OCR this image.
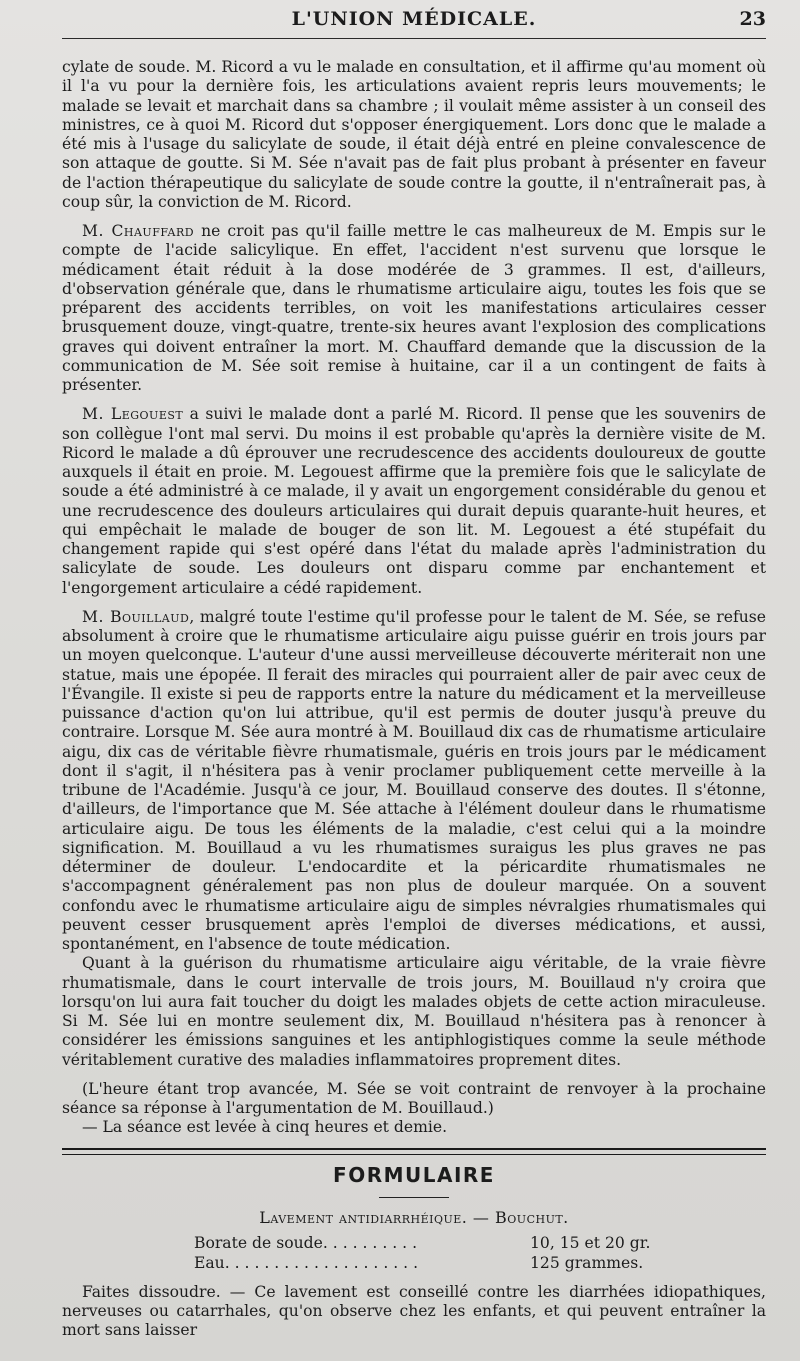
L'UNION MÉDICALE.	23

cylate de soude. M. Ricord a vu le malade en consultation, et il affirme qu'au moment où il l'a vu pour la dernière fois, les articulations avaient repris leurs mouvements; le malade se levait et marchait dans sa chambre ; il voulait même assister à un conseil des ministres, ce à quoi M. Ricord dut s'opposer énergiquement. Lors donc que le malade a été mis à l'usage du salicylate de soude, il était déjà entré en pleine convalescence de son attaque de goutte. Si M. Sée n'avait pas de fait plus probant à présenter en faveur de l'action thérapeutique du salicylate de soude contre la goutte, il n'entraînerait pas, à coup sûr, la conviction de M. Ricord.

M. Chauffard ne croit pas qu'il faille mettre le cas malheureux de M. Empis sur le compte de l'acide salicylique. En effet, l'accident n'est survenu que lorsque le médicament était réduit à la dose modérée de 3 grammes. Il est, d'ailleurs, d'observation générale que, dans le rhumatisme articulaire aigu, toutes les fois que se préparent des accidents terribles, on voit les manifestations articulaires cesser brusquement douze, vingt-quatre, trente-six heures avant l'explosion des complications graves qui doivent entraîner la mort. M. Chauffard demande que la discussion de la communication de M. Sée soit remise à huitaine, car il a un contingent de faits à présenter.

M. Legouest a suivi le malade dont a parlé M. Ricord. Il pense que les souvenirs de son collègue l'ont mal servi. Du moins il est probable qu'après la dernière visite de M. Ricord le malade a dû éprouver une recrudescence des accidents douloureux de goutte auxquels il était en proie. M. Legouest affirme que la première fois que le salicylate de soude a été administré à ce malade, il y avait un engorgement considérable du genou et une recrudescence des douleurs articulaires qui durait depuis quarante-huit heures, et qui empêchait le malade de bouger de son lit. M. Legouest a été stupéfait du changement rapide qui s'est opéré dans l'état du malade après l'administration du salicylate de soude. Les douleurs ont disparu comme par enchantement et l'engorgement articulaire a cédé rapidement.

M. Bouillaud, malgré toute l'estime qu'il professe pour le talent de M. Sée, se refuse absolument à croire que le rhumatisme articulaire aigu puisse guérir en trois jours par un moyen quelconque. L'auteur d'une aussi merveilleuse découverte mériterait non une statue, mais une épopée. Il ferait des miracles qui pourraient aller de pair avec ceux de l'Évangile. Il existe si peu de rapports entre la nature du médicament et la merveilleuse puissance d'action qu'on lui attribue, qu'il est permis de douter jusqu'à preuve du contraire. Lorsque M. Sée aura montré à M. Bouillaud dix cas de rhumatisme articulaire aigu, dix cas de véritable fièvre rhumatismale, guéris en trois jours par le médicament dont il s'agit, il n'hésitera pas à venir proclamer publiquement cette merveille à la tribune de l'Académie. Jusqu'à ce jour, M. Bouillaud conserve des doutes. Il s'étonne, d'ailleurs, de l'importance que M. Sée attache à l'élément douleur dans le rhumatisme articulaire aigu. De tous les éléments de la maladie, c'est celui qui a la moindre signification. M. Bouillaud a vu les rhumatismes suraigus les plus graves ne pas déterminer de douleur. L'endocardite et la péricardite rhumatismales ne s'accompagnent généralement pas non plus de douleur marquée. On a souvent confondu avec le rhumatisme articulaire aigu de simples névralgies rhumatismales qui peuvent cesser brusquement après l'emploi de diverses médications, et aussi, spontanément, en l'absence de toute médication.

Quant à la guérison du rhumatisme articulaire aigu véritable, de la vraie fièvre rhumatismale, dans le court intervalle de trois jours, M. Bouillaud n'y croira que lorsqu'on lui aura fait toucher du doigt les malades objets de cette action miraculeuse. Si M. Sée lui en montre seulement dix, M. Bouillaud n'hésitera pas à renoncer à considérer les émissions sanguines et les antiphlogistiques comme la seule méthode véritablement curative des maladies inflammatoires proprement dites.

(L'heure étant trop avancée, M. Sée se voit contraint de renvoyer à la prochaine séance sa réponse à l'argumentation de M. Bouillaud.)

— La séance est levée à cinq heures et demie.

FORMULAIRE
Lavement antidiarrhéique. — Bouchut.
Borate de soude. . . . . . . . . .	10, 15 et 20 gr.
Eau. . . . . . . . . . . . . . . . . . . .	125 grammes.

Faites dissoudre. — Ce lavement est conseillé contre les diarrhées idiopathiques, nerveuses ou catarrhales, qu'on observe chez les enfants, et qui peuvent entraîner la mort sans laisser
